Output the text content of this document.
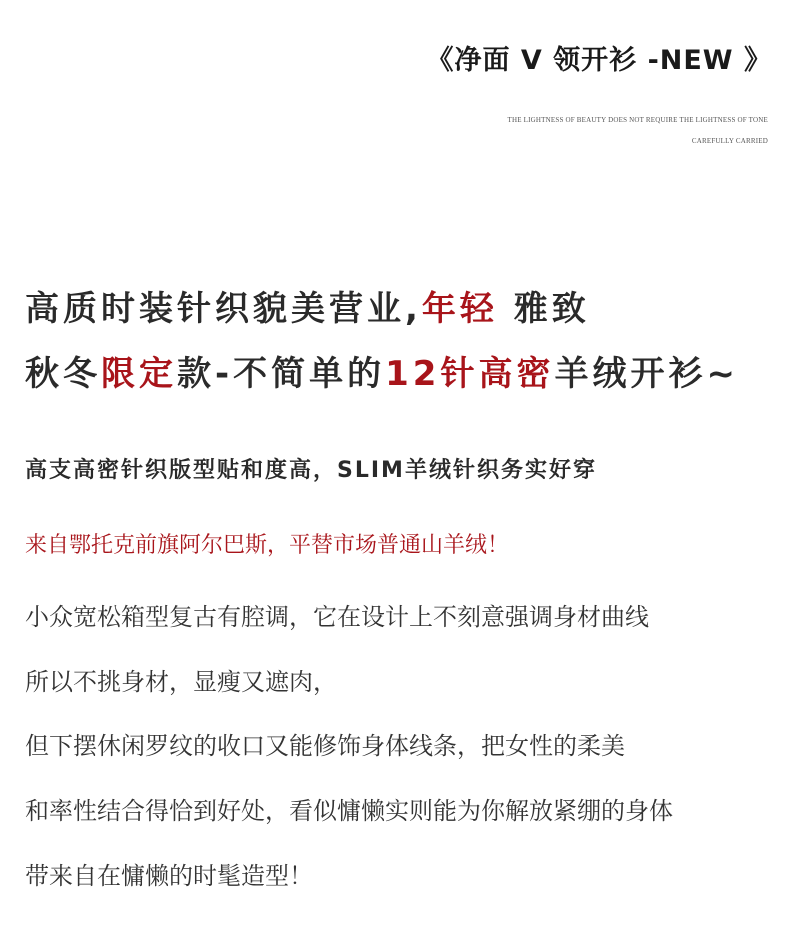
《净面 V 领开衫 -NEW 》
THE LIGHTNESS OF BEAUTY DOES NOT REQUIRE THE LIGHTNESS OF TONE
CAREFULLY CARRIED
高质时装针织貌美营业,年轻 雅致
秋冬限定款-不简单的12针高密羊绒开衫~
高支高密针织版型贴和度高，SLIM羊绒针织务实好穿
来自鄂托克前旗阿尔巴斯，平替市场普通山羊绒！
小众宽松箱型复古有腔调，它在设计上不刻意强调身材曲线
所以不挑身材，显瘦又遮肉，
但下摆休闲罗纹的收口又能修饰身体线条，把女性的柔美
和率性结合得恰到好处，看似慵懒实则能为你解放紧绷的身体
带来自在慵懒的时髦造型！
